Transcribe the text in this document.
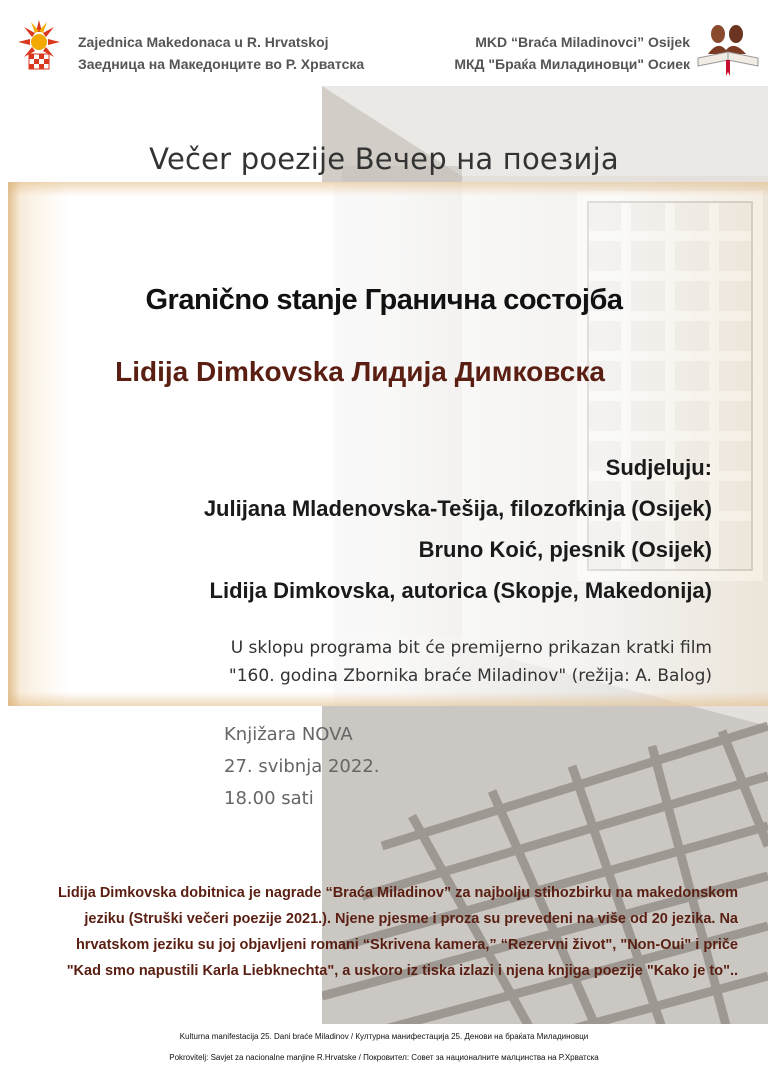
Zajednica Makedonaca u R. Hrvatskoj
Заедница на Македонците во Р. Хрватска
MKD “Braća Miladinovci” Osijek
МКД "Браќа Миладиновци" Осиек
Večer poezije Вечер на поезија
Granično stanje Гранична состојба
Lidija Dimkovska Лидија Димковска
Sudjeluju:
Julijana Mladenovska-Tešija, filozofkinja (Osijek)
Bruno Koić, pjesnik (Osijek)
Lidija Dimkovska, autorica (Skopje, Makedonija)
U sklopu programa bit će premijerno prikazan kratki film
"160. godina Zbornika braće Miladinov" (režija: A. Balog)
Knjižara NOVA
27. svibnja 2022.
18.00 sati
Lidija Dimkovska dobitnica je nagrade “Braća Miladinov” za najbolju stihozbirku na makedonskom
jeziku (Struški večeri poezije 2021.). Njene pjesme i proza su prevedeni na više od 20 jezika. Na
hrvatskom jeziku su joj objavljeni romani “Skrivena kamera,” “Rezervni život", "Non-Oui" i priče
"Kad smo napustili Karla Liebknechta", a uskoro iz tiska izlazi i njena knjiga poezije "Kako je to"..
Kulturna manifestacija 25. Dani braće Miladinov / Културна манифестација 25. Денови на браќата Миладиновци
Pokrovitelj: Savjet za nacionalne manjine R.Hrvatske / Покровител: Совет за националните малцинства на Р.Хрватска
